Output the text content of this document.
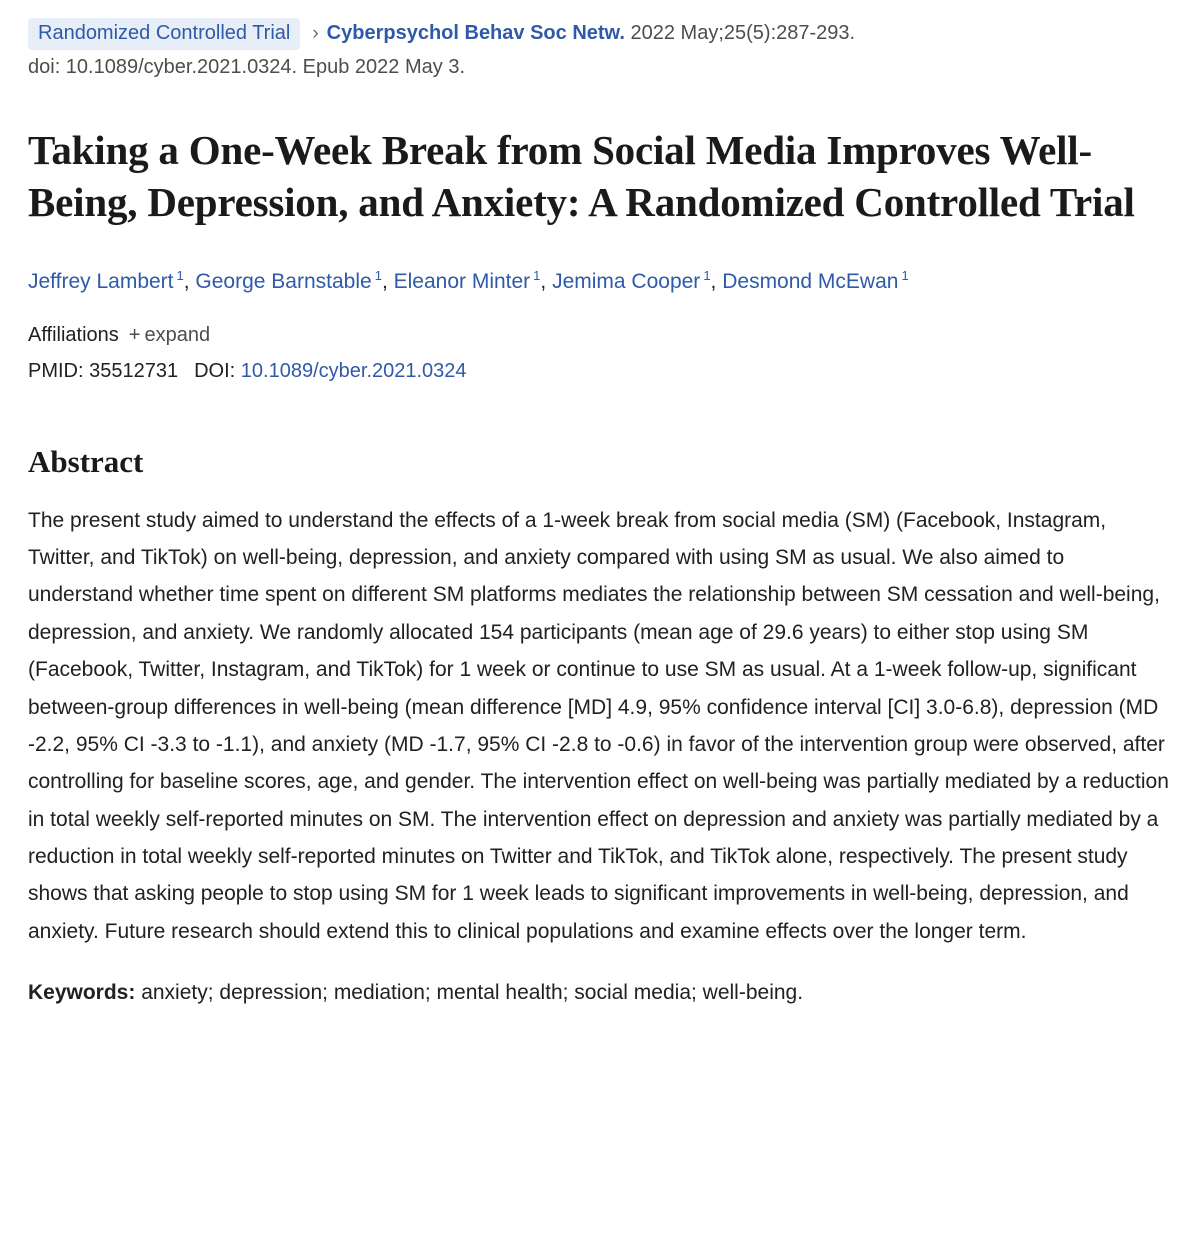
Randomized Controlled Trial › Cyberpsychol Behav Soc Netw. 2022 May;25(5):287-293.
doi: 10.1089/cyber.2021.0324. Epub 2022 May 3.
Taking a One-Week Break from Social Media Improves Well-Being, Depression, and Anxiety: A Randomized Controlled Trial
Jeffrey Lambert $^1$, George Barnstable $^1$, Eleanor Minter $^1$, Jemima Cooper $^1$, Desmond McEwan $^1$
Affiliations + expand
PMID: 35512731 DOI: 10.1089/cyber.2021.0324
Abstract

The present study aimed to understand the effects of a 1-week break from social media (SM) (Facebook, Instagram, Twitter, and TikTok) on well-being, depression, and anxiety compared with using SM as usual. We also aimed to understand whether time spent on different SM platforms mediates the relationship between SM cessation and well-being, depression, and anxiety. We randomly allocated 154 participants (mean age of 29.6 years) to either stop using SM (Facebook, Twitter, Instagram, and TikTok) for 1 week or continue to use SM as usual. At a 1-week follow-up, significant between-group differences in well-being (mean difference [MD] 4.9, 95% confidence interval [CI] 3.0-6.8), depression (MD -2.2, 95% CI -3.3 to -1.1), and anxiety (MD -1.7, 95% CI -2.8 to -0.6) in favor of the intervention group were observed, after controlling for baseline scores, age, and gender. The intervention effect on well-being was partially mediated by a reduction in total weekly self-reported minutes on SM. The intervention effect on depression and anxiety was partially mediated by a reduction in total weekly self-reported minutes on Twitter and TikTok, and TikTok alone, respectively. The present study shows that asking people to stop using SM for 1 week leads to significant improvements in well-being, depression, and anxiety. Future research should extend this to clinical populations and examine effects over the longer term.

Keywords: anxiety; depression; mediation; mental health; social media; well-being.
